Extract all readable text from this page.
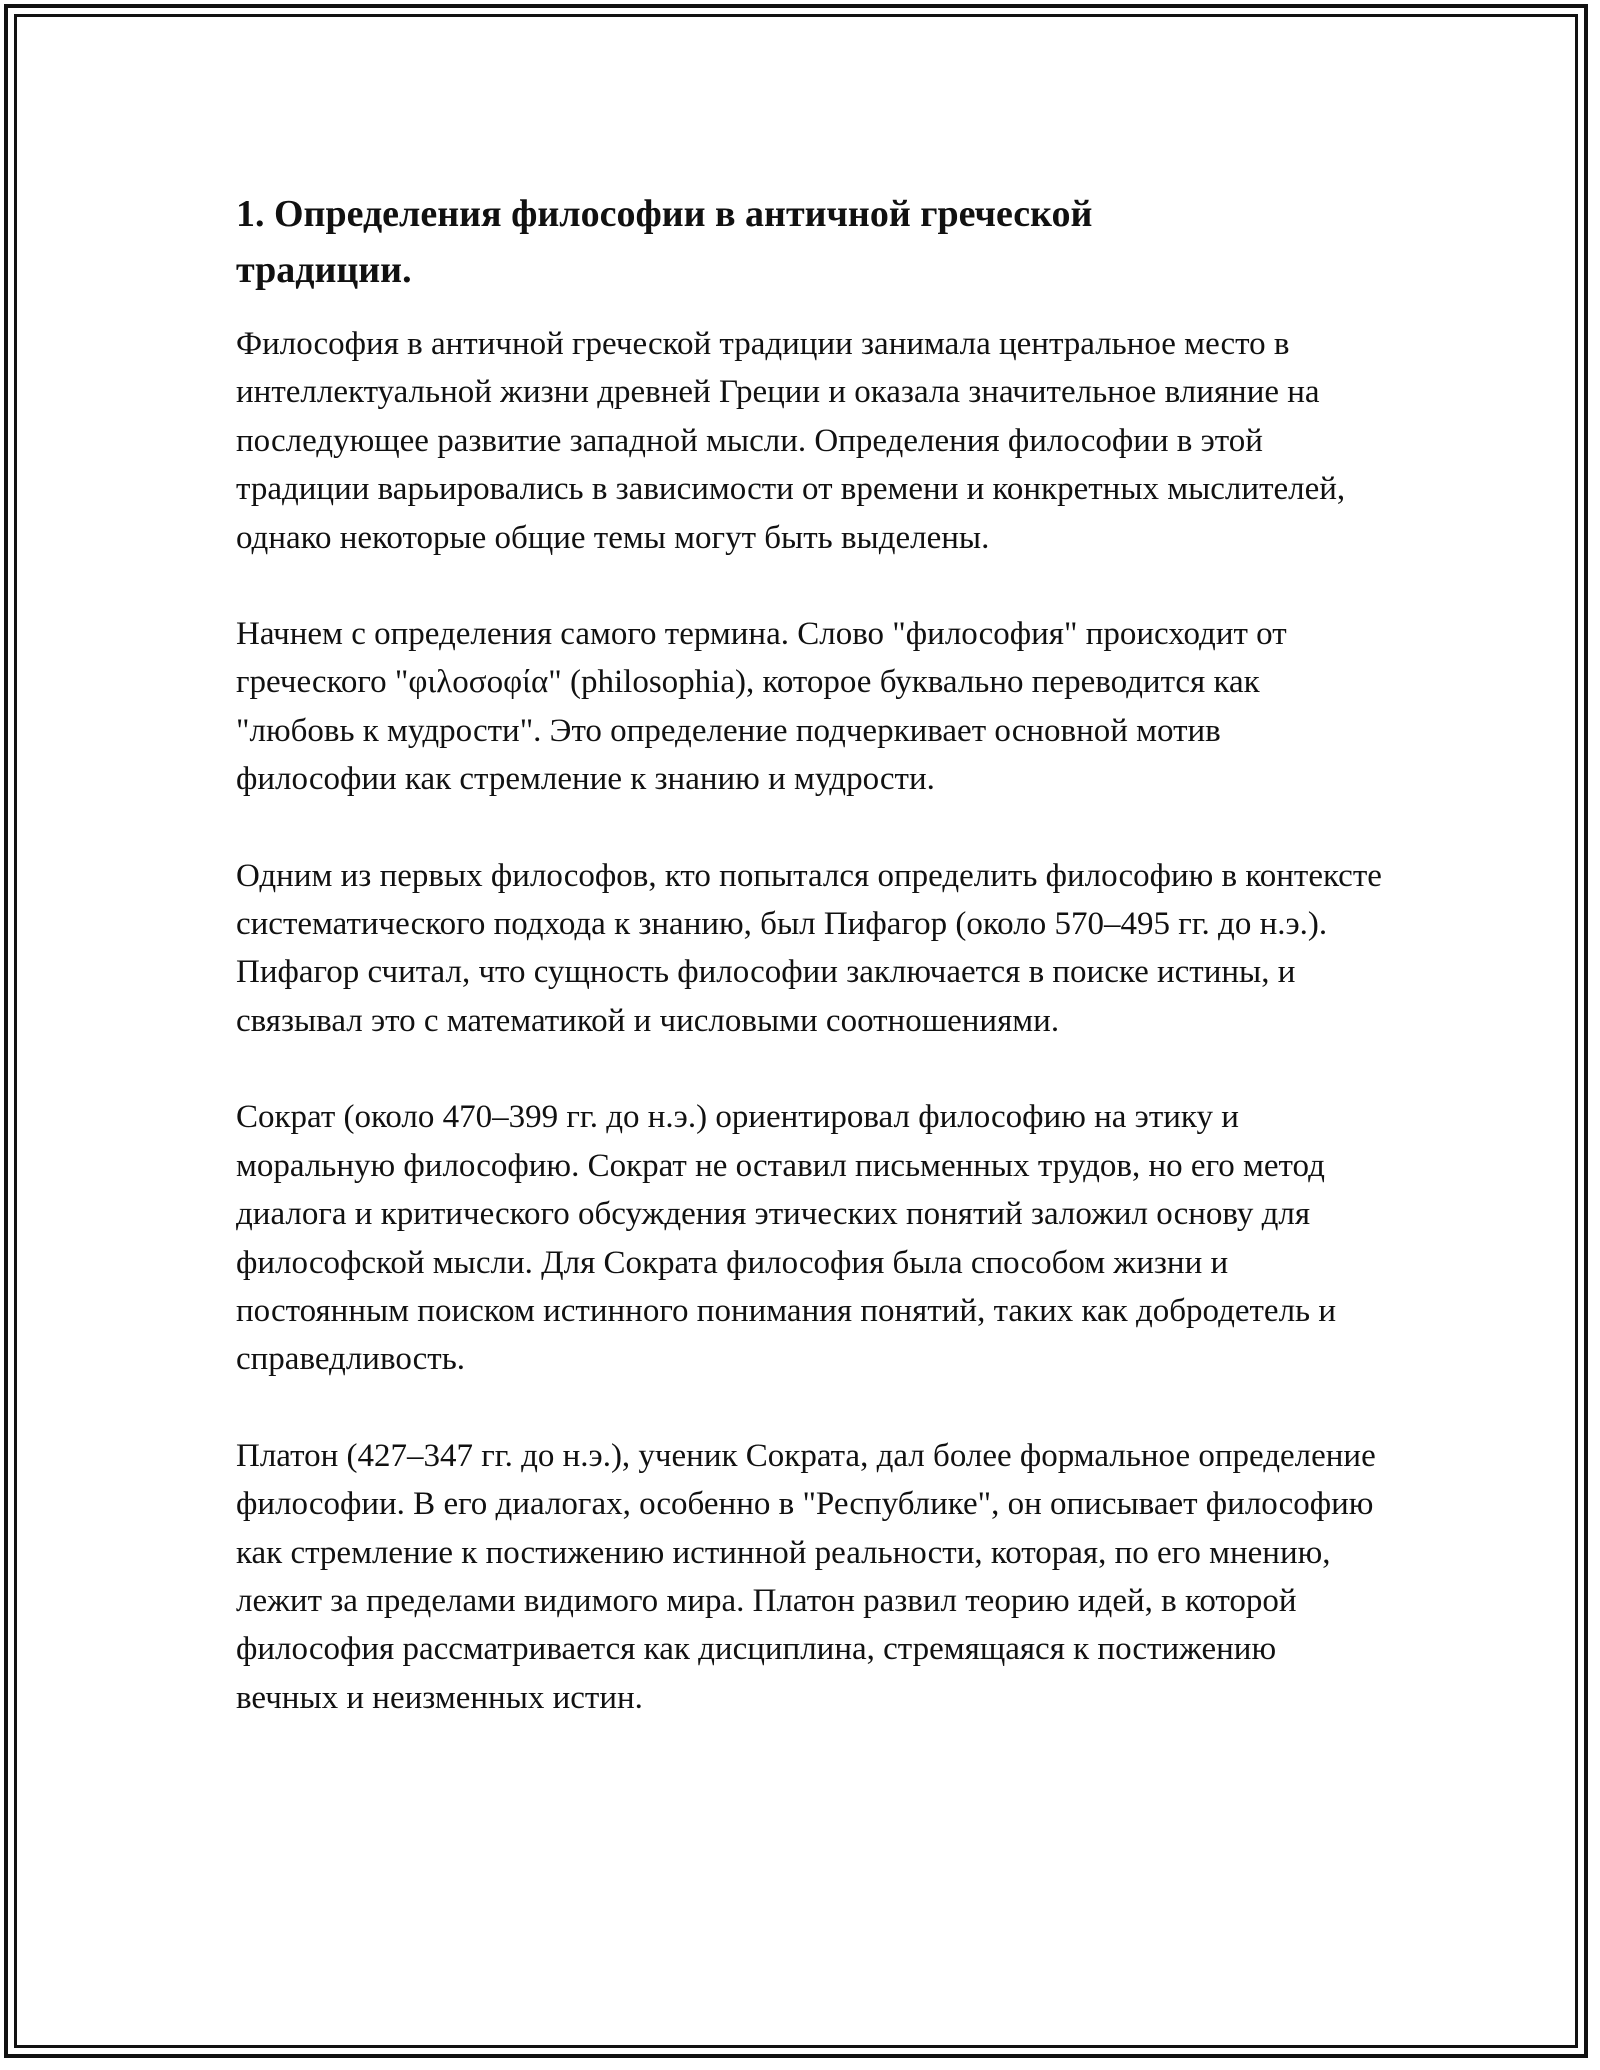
1. Определения философии в античной греческой традиции.

Философия в античной греческой традиции занимала центральное место в интеллектуальной жизни древней Греции и оказала значительное влияние на последующее развитие западной мысли. Определения философии в этой традиции варьировались в зависимости от времени и конкретных мыслителей, однако некоторые общие темы могут быть выделены.

Начнем с определения самого термина. Слово "философия" происходит от греческого "φιλοσοφία" (philosophia), которое буквально переводится как "любовь к мудрости". Это определение подчеркивает основной мотив философии как стремление к знанию и мудрости.

Одним из первых философов, кто попытался определить философию в контексте систематического подхода к знанию, был Пифагор (около 570–495 гг. до н.э.). Пифагор считал, что сущность философии заключается в поиске истины, и связывал это с математикой и числовыми соотношениями.

Сократ (около 470–399 гг. до н.э.) ориентировал философию на этику и моральную философию. Сократ не оставил письменных трудов, но его метод диалога и критического обсуждения этических понятий заложил основу для философской мысли. Для Сократа философия была способом жизни и постоянным поиском истинного понимания понятий, таких как добродетель и справедливость.

Платон (427–347 гг. до н.э.), ученик Сократа, дал более формальное определение философии. В его диалогах, особенно в "Республике", он описывает философию как стремление к постижению истинной реальности, которая, по его мнению, лежит за пределами видимого мира. Платон развил теорию идей, в которой философия рассматривается как дисциплина, стремящаяся к постижению вечных и неизменных истин.
